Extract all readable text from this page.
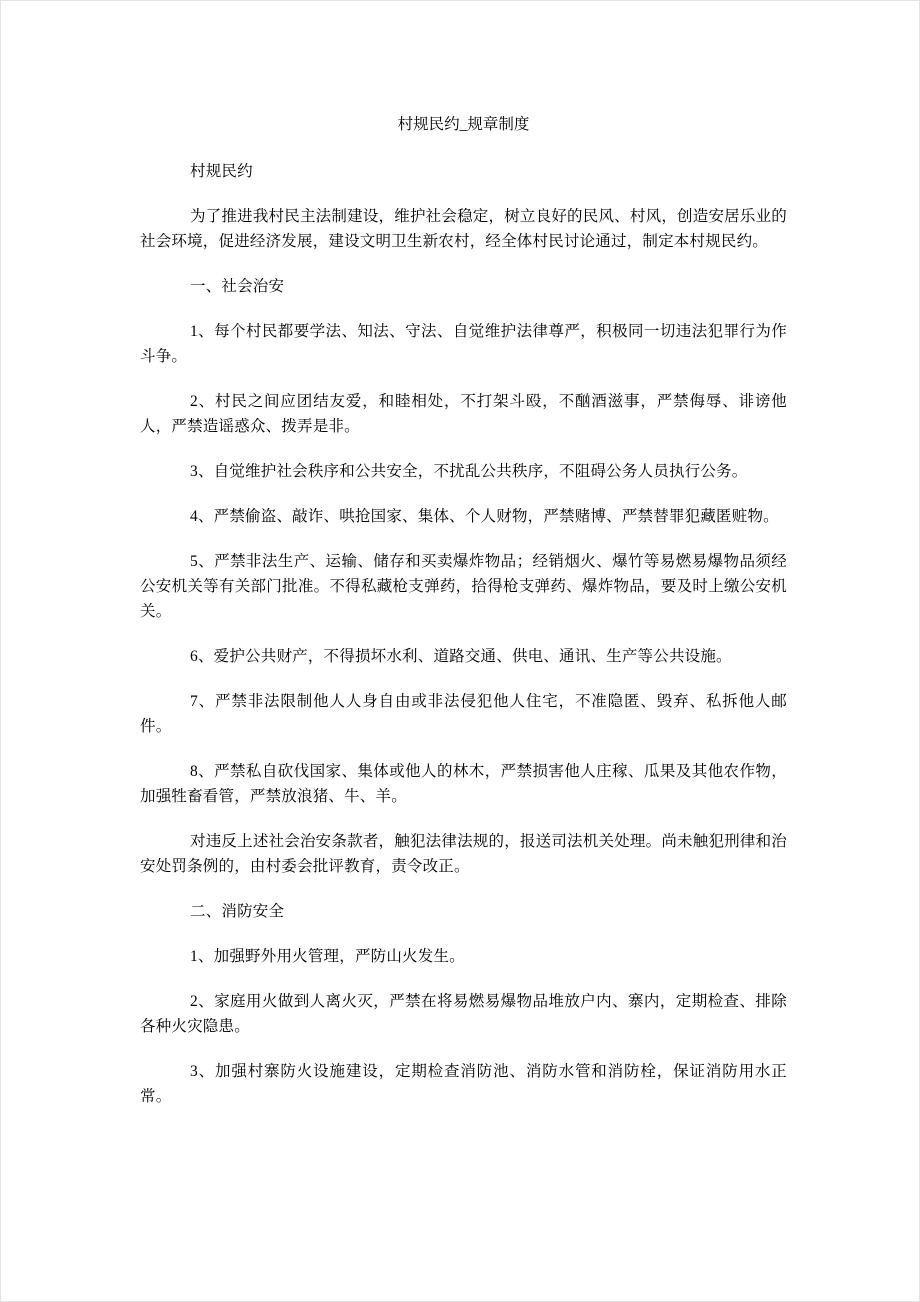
村规民约_规章制度

村规民约

为了推进我村民主法制建设，维护社会稳定，树立良好的民风、村风，创造安居乐业的社会环境，促进经济发展，建设文明卫生新农村，经全体村民讨论通过，制定本村规民约。

一、社会治安

1、每个村民都要学法、知法、守法、自觉维护法律尊严，积极同一切违法犯罪行为作斗争。

2、村民之间应团结友爱，和睦相处，不打架斗殴，不酗酒滋事，严禁侮辱、诽谤他人，严禁造谣惑众、拨弄是非。

3、自觉维护社会秩序和公共安全，不扰乱公共秩序，不阻碍公务人员执行公务。

4、严禁偷盗、敲诈、哄抢国家、集体、个人财物，严禁赌博、严禁替罪犯藏匿赃物。

5、严禁非法生产、运输、储存和买卖爆炸物品；经销烟火、爆竹等易燃易爆物品须经公安机关等有关部门批准。不得私藏枪支弹药，拾得枪支弹药、爆炸物品，要及时上缴公安机关。

6、爱护公共财产，不得损坏水利、道路交通、供电、通讯、生产等公共设施。

7、严禁非法限制他人人身自由或非法侵犯他人住宅，不准隐匿、毁弃、私拆他人邮件。

8、严禁私自砍伐国家、集体或他人的林木，严禁损害他人庄稼、瓜果及其他农作物，加强牲畜看管，严禁放浪猪、牛、羊。

对违反上述社会治安条款者，触犯法律法规的，报送司法机关处理。尚未触犯刑律和治安处罚条例的，由村委会批评教育，责令改正。

二、消防安全

1、加强野外用火管理，严防山火发生。

2、家庭用火做到人离火灭，严禁在将易燃易爆物品堆放户内、寨内，定期检查、排除各种火灾隐患。

3、加强村寨防火设施建设，定期检查消防池、消防水管和消防栓，保证消防用水正常。
